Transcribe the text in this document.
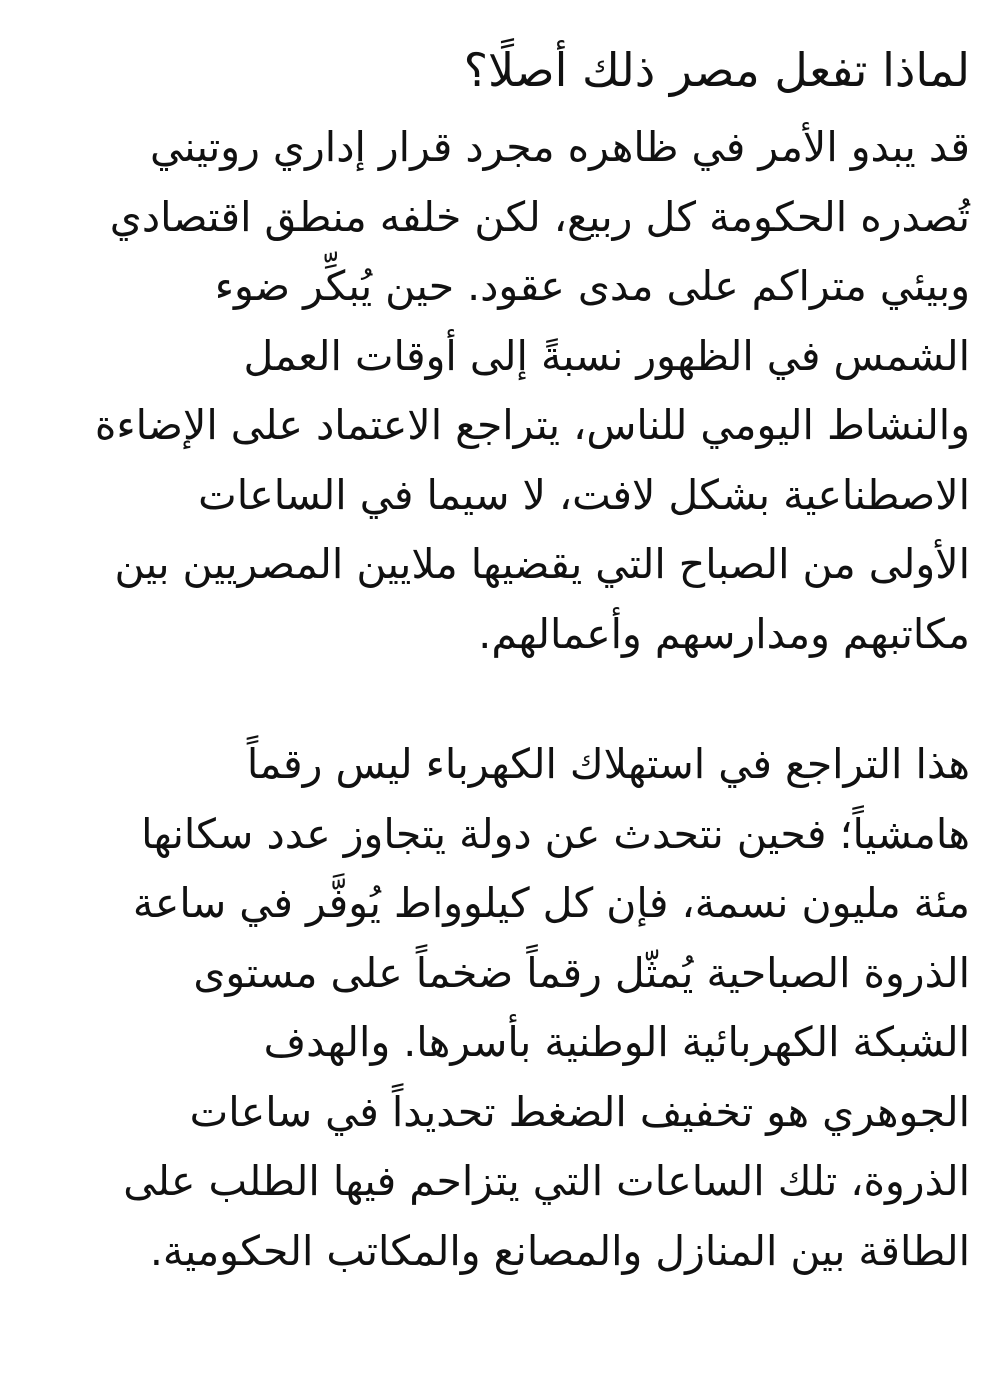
لماذا تفعل مصر ذلك أصلًا؟
قد يبدو الأمر في ظاهره مجرد قرار إداري روتيني
تُصدره الحكومة كل ربيع، لكن خلفه منطق اقتصادي
وبيئي متراكم على مدى عقود. حين يُبكِّر ضوء
الشمس في الظهور نسبةً إلى أوقات العمل
والنشاط اليومي للناس، يتراجع الاعتماد على الإضاءة
الاصطناعية بشكل لافت، لا سيما في الساعات
الأولى من الصباح التي يقضيها ملايين المصريين بين
مكاتبهم ومدارسهم وأعمالهم.
هذا التراجع في استهلاك الكهرباء ليس رقماً
هامشياً؛ فحين نتحدث عن دولة يتجاوز عدد سكانها
مئة مليون نسمة، فإن كل كيلوواط يُوفَّر في ساعة
الذروة الصباحية يُمثّل رقماً ضخماً على مستوى
الشبكة الكهربائية الوطنية بأسرها. والهدف
الجوهري هو تخفيف الضغط تحديداً في ساعات
الذروة، تلك الساعات التي يتزاحم فيها الطلب على
الطاقة بين المنازل والمصانع والمكاتب الحكومية.
